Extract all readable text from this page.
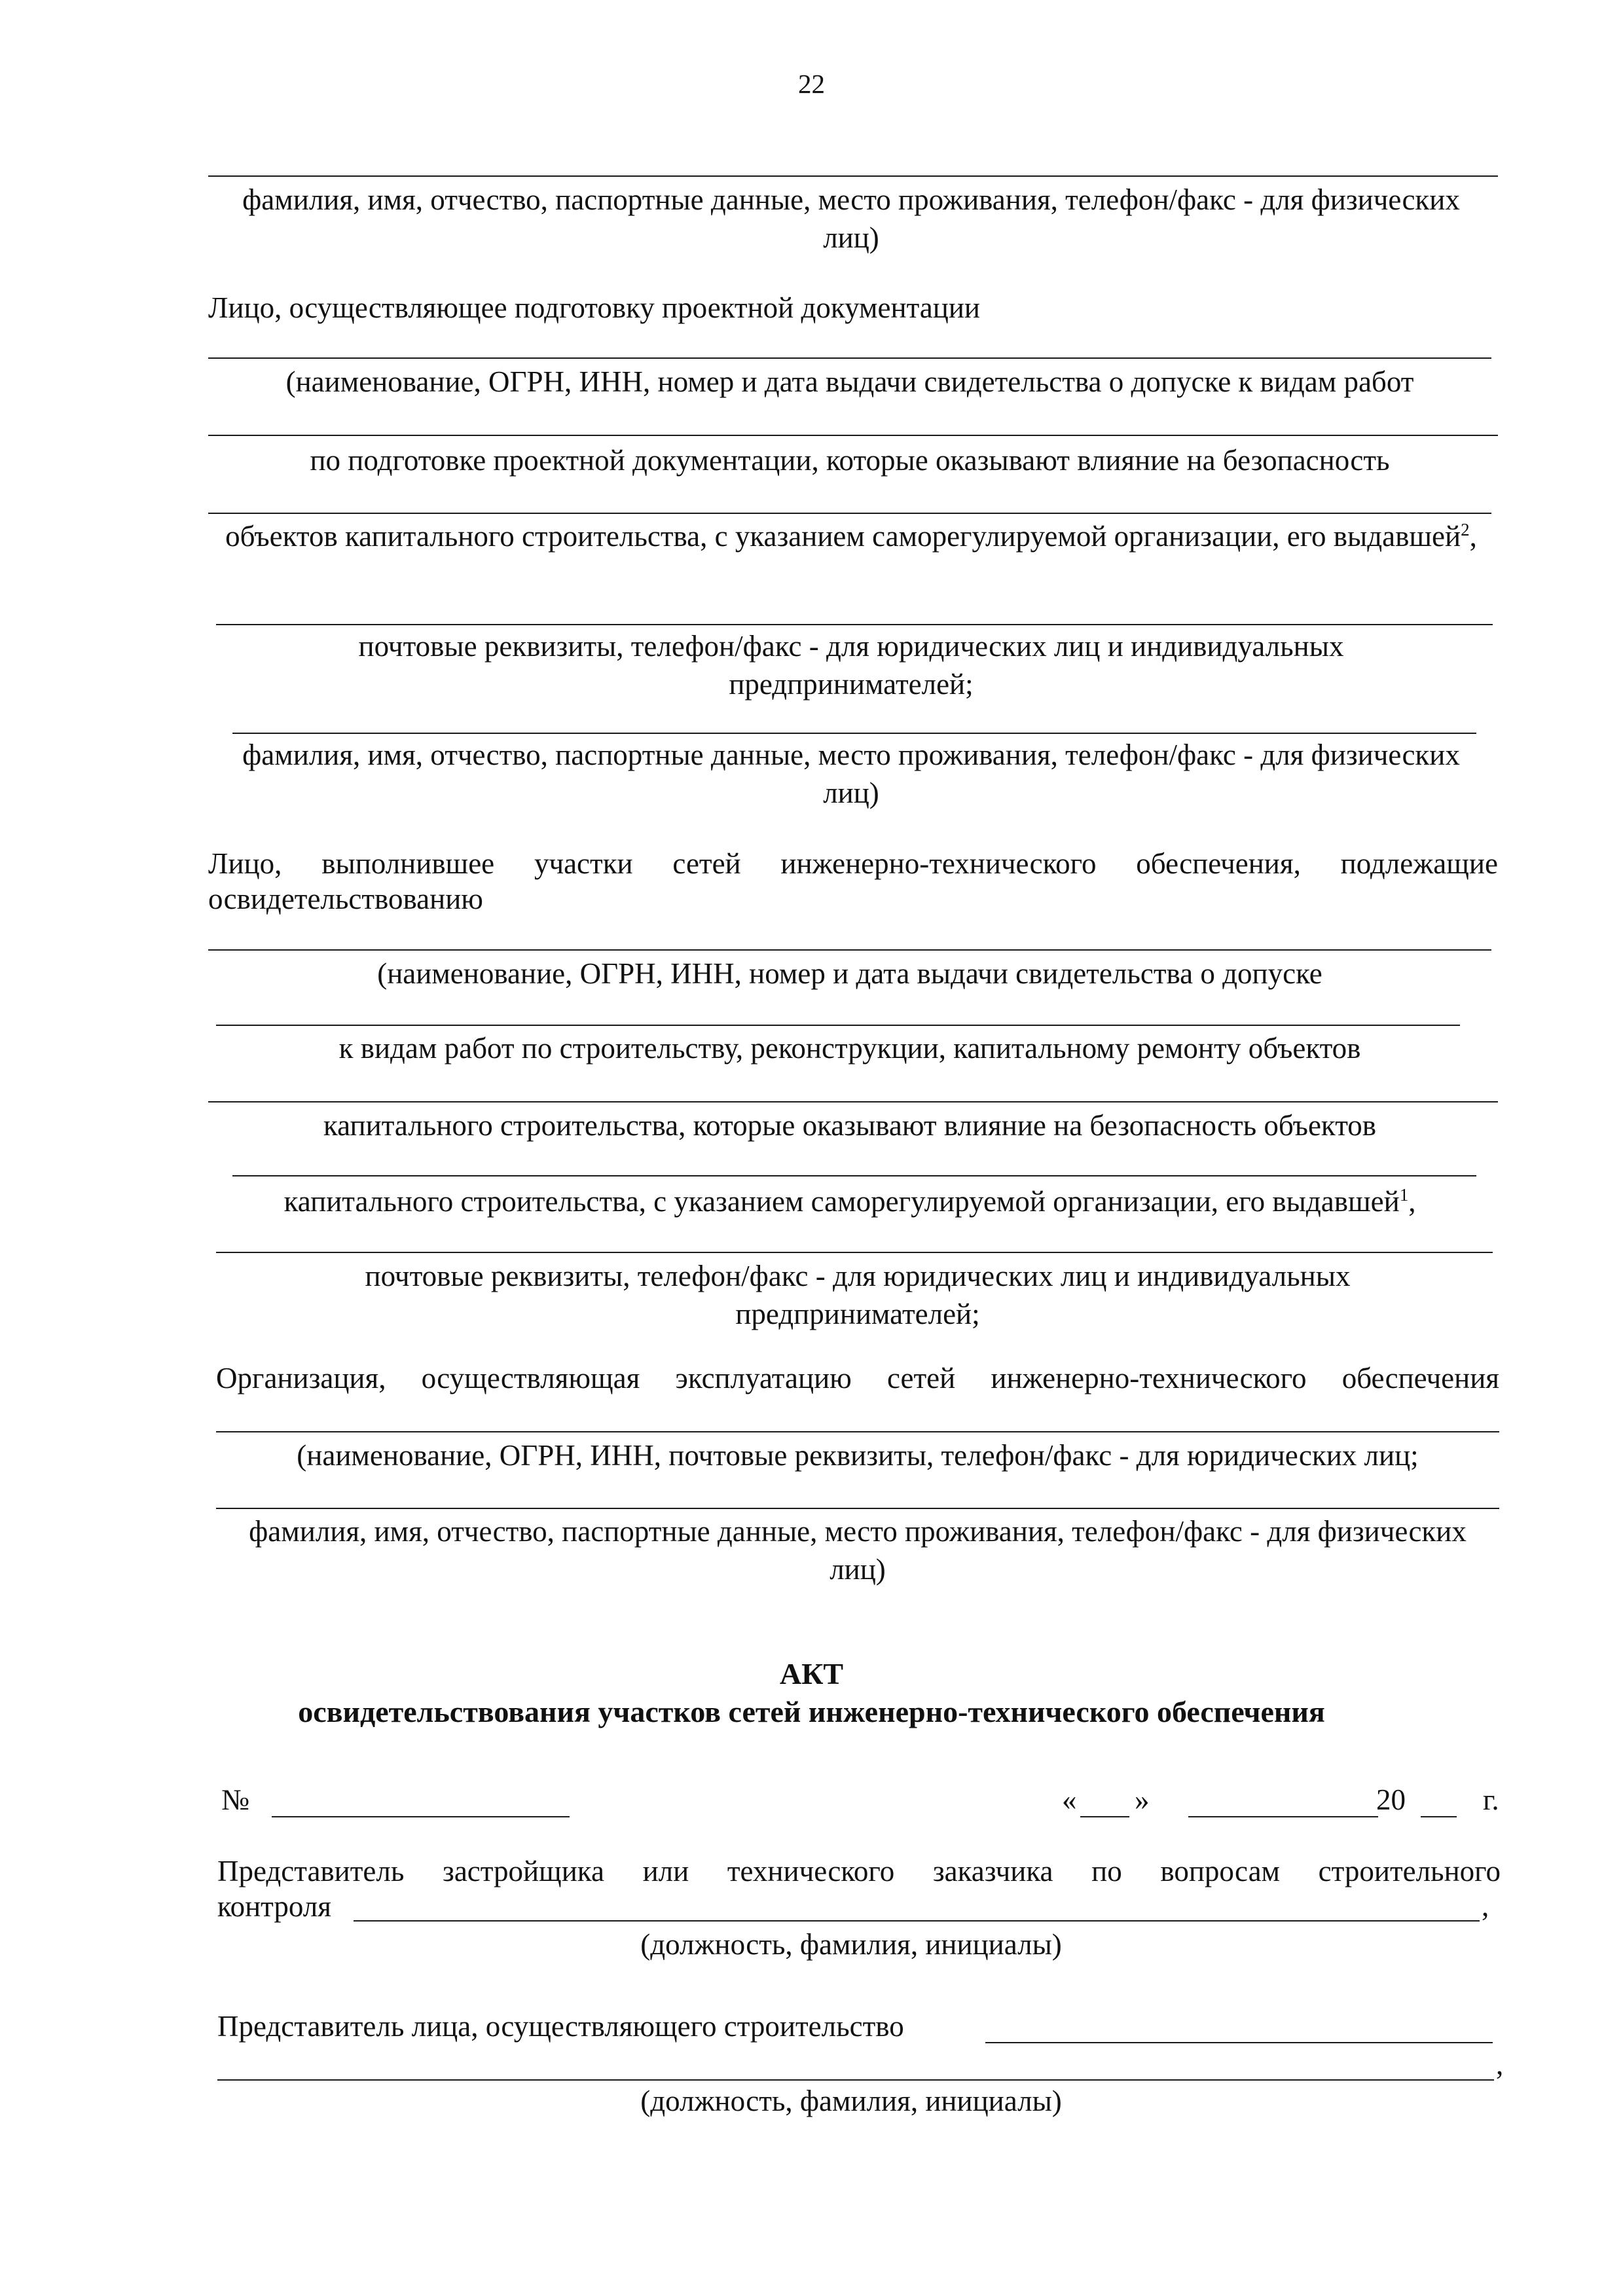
22
фамилия, имя, отчество, паспортные данные, место проживания, телефон/факс - для физических лиц)
Лицо, осуществляющее подготовку проектной документации
(наименование, ОГРН, ИНН, номер и дата выдачи свидетельства о допуске к видам работ
по подготовке проектной документации, которые оказывают влияние на безопасность
объектов капитального строительства, с указанием саморегулируемой организации, его выдавшей$^2$,
почтовые реквизиты, телефон/факс - для юридических лиц и индивидуальных предпринимателей;
фамилия, имя, отчество, паспортные данные, место проживания, телефон/факс - для физических лиц)
Лицо, выполнившее участки сетей инженерно-технического обеспечения, подлежащие
освидетельствованию
(наименование, ОГРН, ИНН, номер и дата выдачи свидетельства о допуске
к видам работ по строительству, реконструкции, капитальному ремонту объектов
капитального строительства, которые оказывают влияние на безопасность объектов
капитального строительства, с указанием саморегулируемой организации, его выдавшей$^1$,
почтовые реквизиты, телефон/факс - для юридических лиц и индивидуальных предпринимателей;
Организация, осуществляющая эксплуатацию сетей инженерно-технического обеспечения
(наименование, ОГРН, ИНН, почтовые реквизиты, телефон/факс - для юридических лиц;
фамилия, имя, отчество, паспортные данные, место проживания, телефон/факс - для физических лиц)
АКТ
освидетельствования участков сетей инженерно-технического обеспечения
№	« »	20	г.
Представитель застройщика или технического заказчика по вопросам строительного
контроля	,
(должность, фамилия, инициалы)
Представитель лица, осуществляющего строительство
,
(должность, фамилия, инициалы)
